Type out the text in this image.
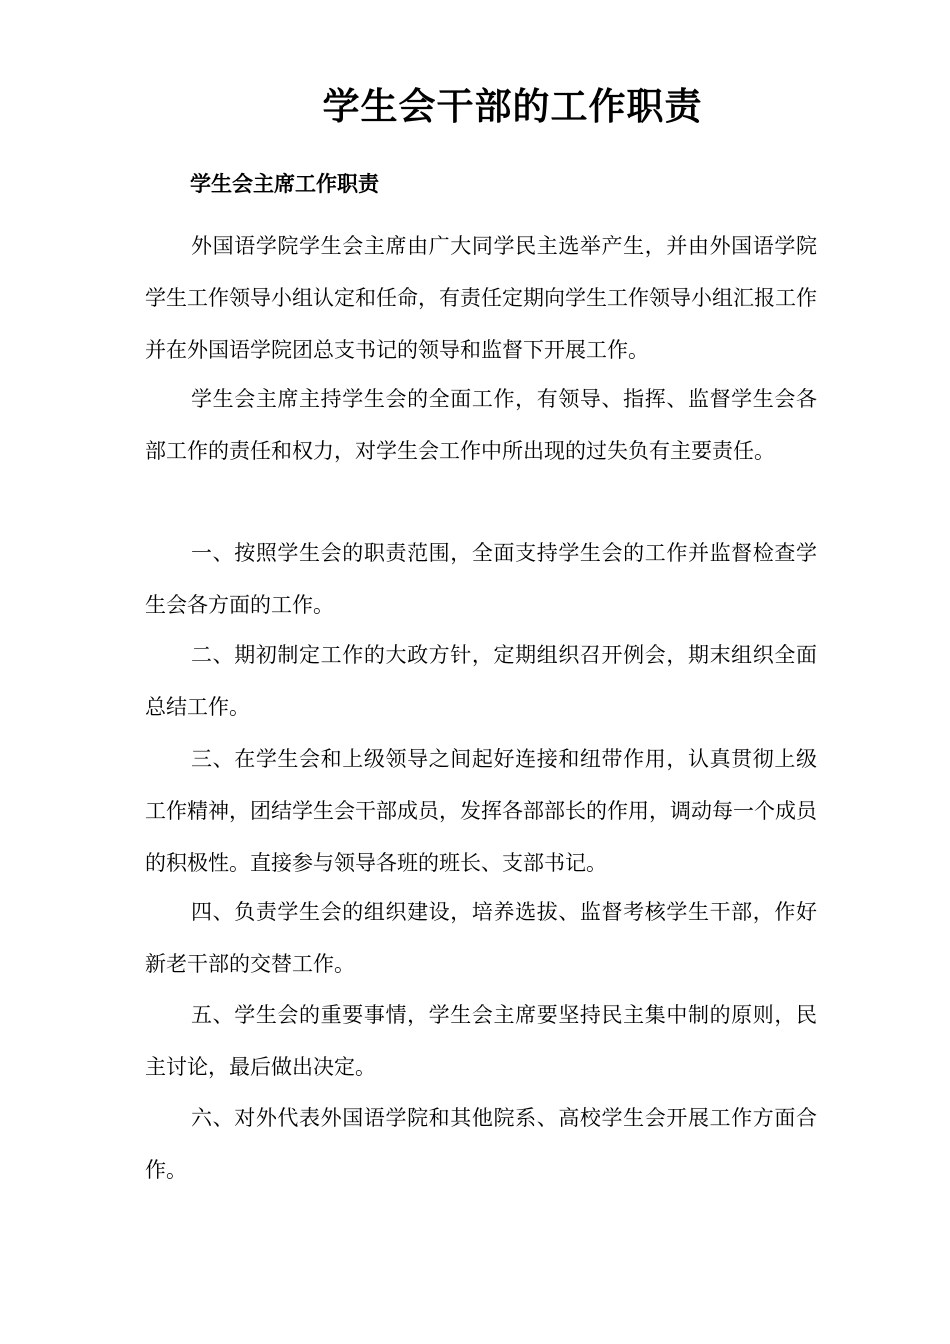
学生会干部的工作职责
学生会主席工作职责

外国语学院学生会主席由广大同学民主选举产生，并由外国语学院学生工作领导小组认定和任命，有责任定期向学生工作领导小组汇报工作并在外国语学院团总支书记的领导和监督下开展工作。

学生会主席主持学生会的全面工作，有领导、指挥、监督学生会各部工作的责任和权力，对学生会工作中所出现的过失负有主要责任。

一、按照学生会的职责范围，全面支持学生会的工作并监督检查学生会各方面的工作。

二、期初制定工作的大政方针，定期组织召开例会，期末组织全面总结工作。

三、在学生会和上级领导之间起好连接和纽带作用，认真贯彻上级工作精神，团结学生会干部成员，发挥各部部长的作用，调动每一个成员的积极性。直接参与领导各班的班长、支部书记。

四、负责学生会的组织建设，培养选拔、监督考核学生干部，作好新老干部的交替工作。

五、学生会的重要事情，学生会主席要坚持民主集中制的原则，民主讨论，最后做出决定。

六、对外代表外国语学院和其他院系、高校学生会开展工作方面合作。
